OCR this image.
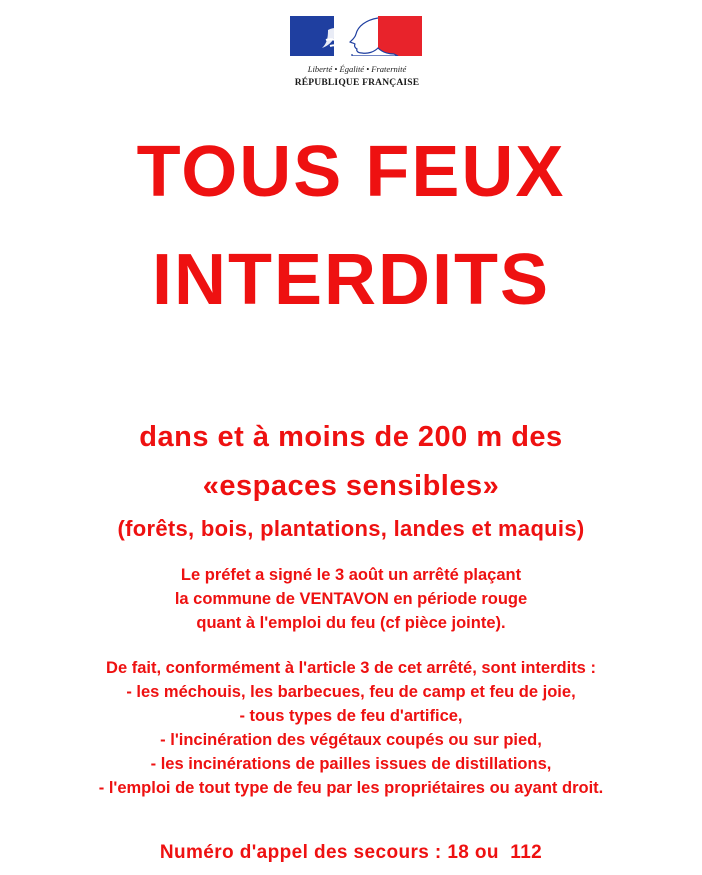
Liberté • Égalité • Fraternité
RÉPUBLIQUE FRANÇAISE
TOUS FEUX
INTERDITS
dans et à moins de 200 m des
«espaces sensibles»
(forêts, bois, plantations, landes et maquis)
Le préfet a signé le 3 août un arrêté plaçant
la commune de VENTAVON en période rouge
quant à l'emploi du feu (cf pièce jointe).
De fait, conformément à l'article 3 de cet arrêté, sont interdits :
- les méchouis, les barbecues, feu de camp et feu de joie,
- tous types de feu d'artifice,
- l'incinération des végétaux coupés ou sur pied,
- les incinérations de pailles issues de distillations,
- l'emploi de tout type de feu par les propriétaires ou ayant droit.
Numéro d'appel des secours : 18 ou  112
